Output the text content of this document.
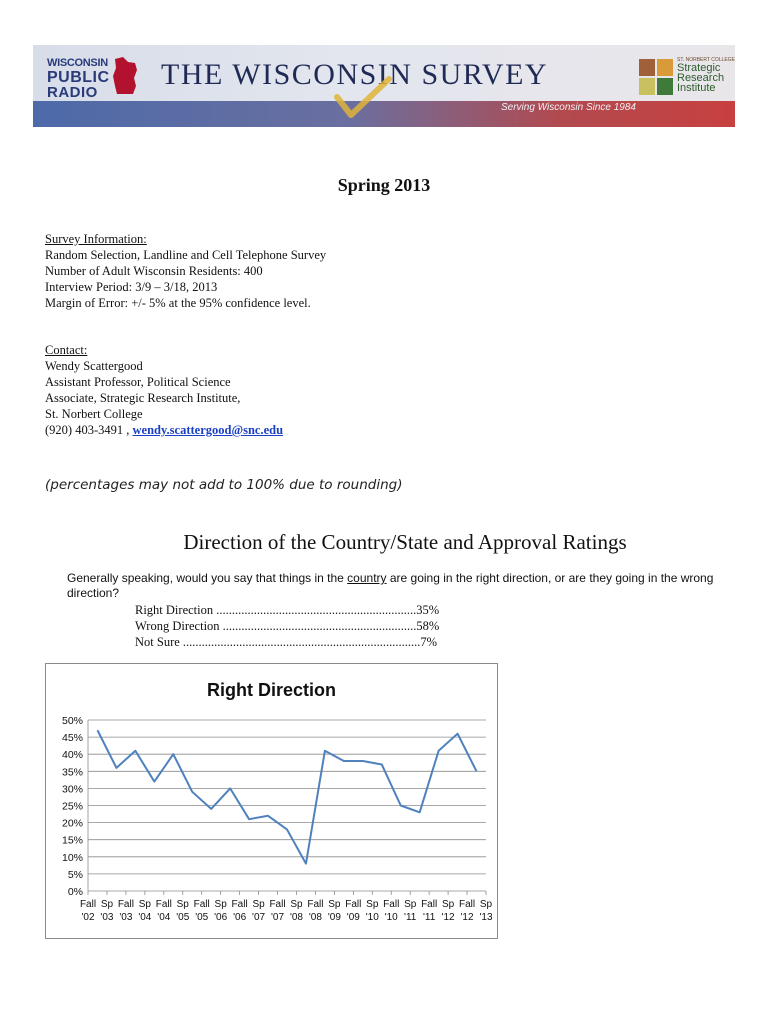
WISCONSIN
PUBLIC
RADIO
THE WISCONSIN SURVEY
Serving Wisconsin Since 1984
ST. NORBERT COLLEGE
Strategic
Research
Institute
Spring 2013
Survey Information:
Random Selection, Landline and Cell Telephone Survey
Number of Adult Wisconsin Residents: 400
Interview Period: 3/9 – 3/18, 2013
Margin of Error: +/- 5% at the 95% confidence level.
Contact:
Wendy Scattergood
Assistant Professor, Political Science
Associate, Strategic Research Institute,
St. Norbert College
(920) 403-3491 , wendy.scattergood@snc.edu
(percentages may not add to 100% due to rounding)
Direction of the Country/State and Approval Ratings
Generally speaking, would you say that things in the country are going in the right direction, or are they going in the wrong direction?
Right Direction ................................................................35%
Wrong Direction ..............................................................58%
Not Sure ............................................................................7%
Right Direction
0%
5%
10%
15%
20%
25%
30%
35%
40%
45%
50%
Fall
'02
Sp
'03
Fall
'03
Sp
'04
Fall
'04
Sp
'05
Fall
'05
Sp
'06
Fall
'06
Sp
'07
Fall
'07
Sp
'08
Fall
'08
Sp
'09
Fall
'09
Sp
'10
Fall
'10
Sp
'11
Fall
'11
Sp
'12
Fall
'12
Sp
'13
